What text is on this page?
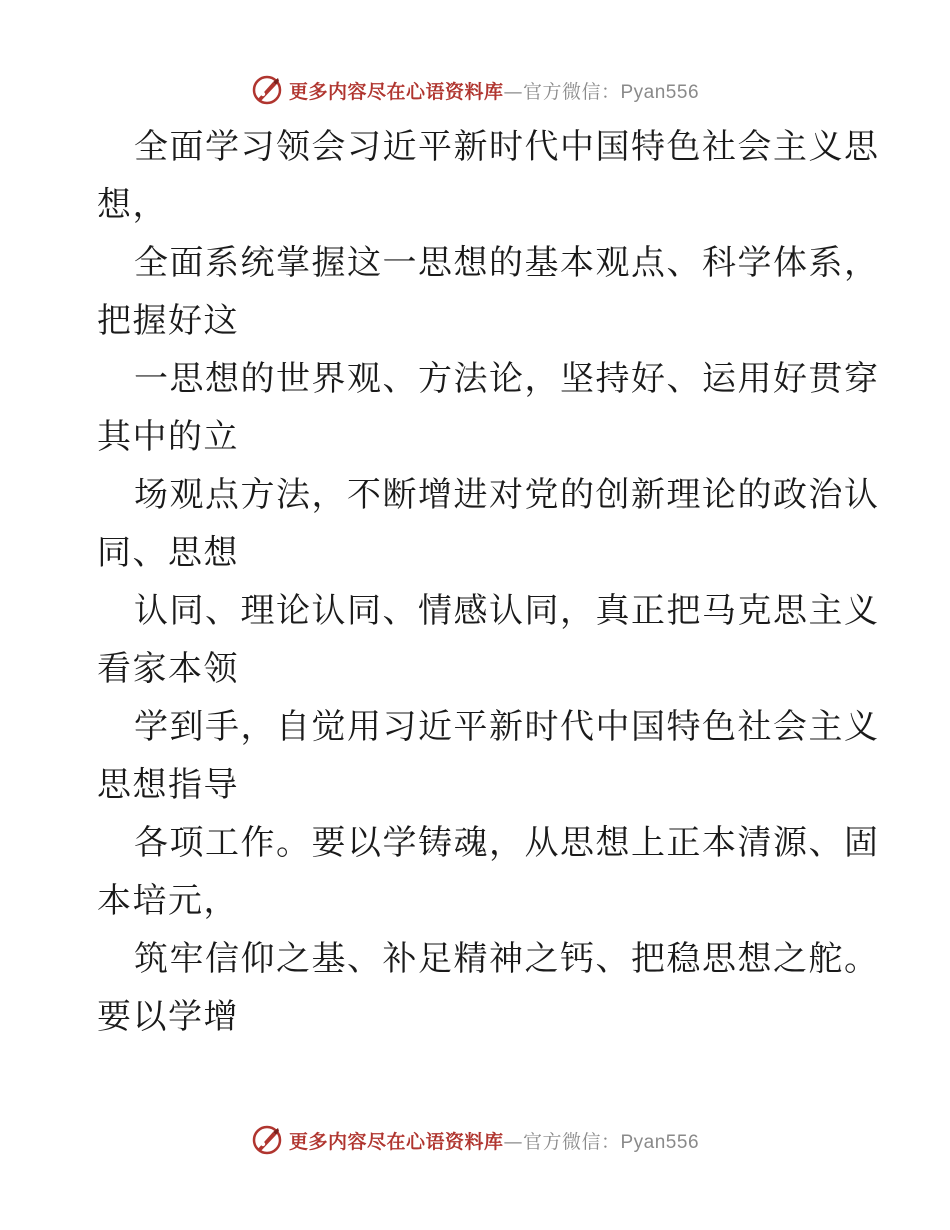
更多内容尽在心语资料库—官方微信：Pyan556
全面学习领会习近平新时代中国特色社会主义思
想，
全面系统掌握这一思想的基本观点、科学体系，
把握好这
一思想的世界观、方法论，坚持好、运用好贯穿
其中的立
场观点方法，不断增进对党的创新理论的政治认
同、思想
认同、理论认同、情感认同，真正把马克思主义
看家本领
学到手，自觉用习近平新时代中国特色社会主义
思想指导
各项工作。要以学铸魂，从思想上正本清源、固
本培元，
筑牢信仰之基、补足精神之钙、把稳思想之舵。
要以学增
更多内容尽在心语资料库—官方微信：Pyan556
